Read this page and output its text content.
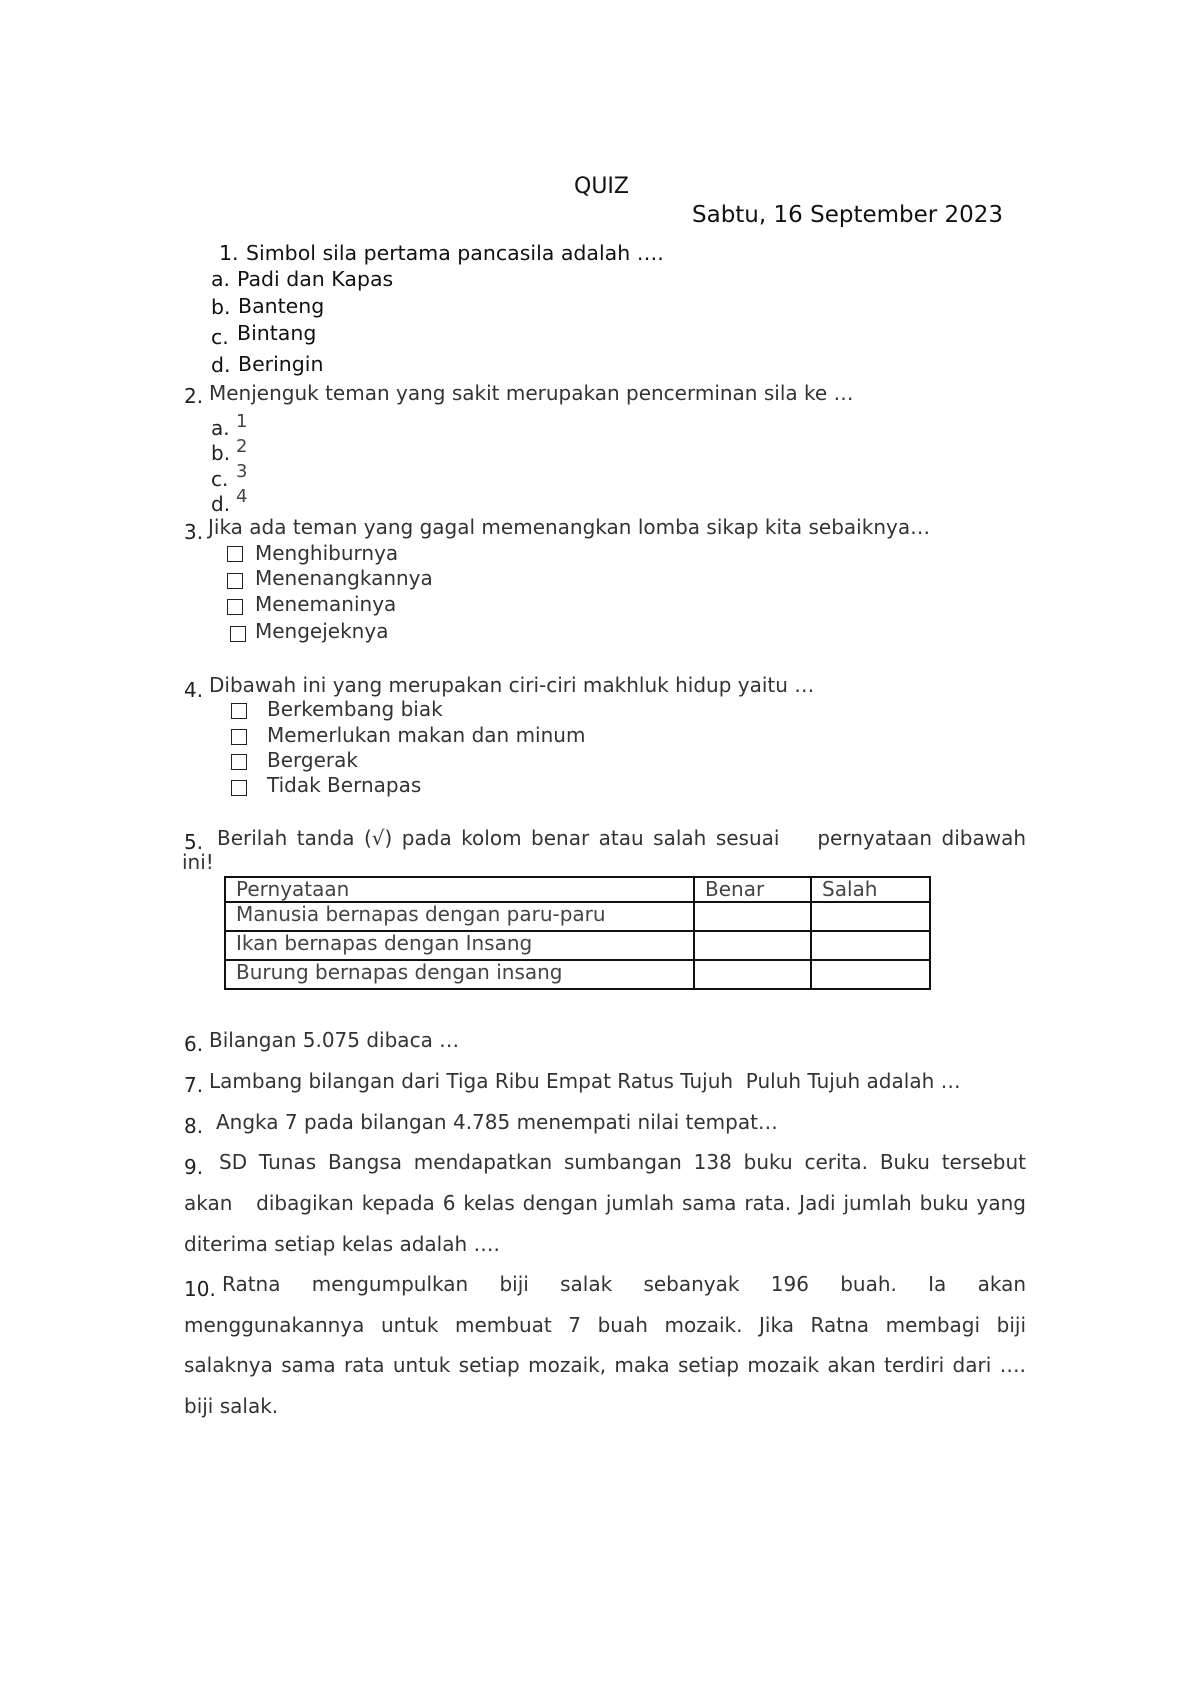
QUIZ
Sabtu, 16 September 2023
1. Simbol sila pertama pancasila adalah ….
a. Padi dan Kapas
b. Banteng
c. Bintang
d. Beringin
2. Menjenguk teman yang sakit merupakan pencerminan sila ke …
a. 1
b. 2
c. 3
d. 4
3. Jika ada teman yang gagal memenangkan lomba sikap kita sebaiknya…
Menghiburnya
Menenangkannya
Menemaninya
Mengejeknya
4. Dibawah ini yang merupakan ciri-ciri makhluk hidup yaitu …
Berkembang biak
Memerlukan makan dan minum
Bergerak
Tidak Bernapas
5. Berilah tanda (√) pada kolom benar atau salah sesuai    pernyataan dibawah
ini!
Pernyataan	Benar	Salah
Manusia bernapas dengan paru-paru		
Ikan bernapas dengan Insang		
Burung bernapas dengan insang		
6. Bilangan 5.075 dibaca …
7. Lambang bilangan dari Tiga Ribu Empat Ratus Tujuh  Puluh Tujuh adalah …
8. Angka 7 pada bilangan 4.785 menempati nilai tempat…
9. SD Tunas Bangsa mendapatkan sumbangan 138 buku cerita. Buku tersebut
akan   dibagikan kepada 6 kelas dengan jumlah sama rata. Jadi jumlah buku yang
diterima setiap kelas adalah ….
10. Ratna mengumpulkan biji salak sebanyak 196 buah. Ia akan
menggunakannya untuk membuat 7 buah mozaik. Jika Ratna membagi biji
salaknya sama rata untuk setiap mozaik, maka setiap mozaik akan terdiri dari ….
biji salak.
